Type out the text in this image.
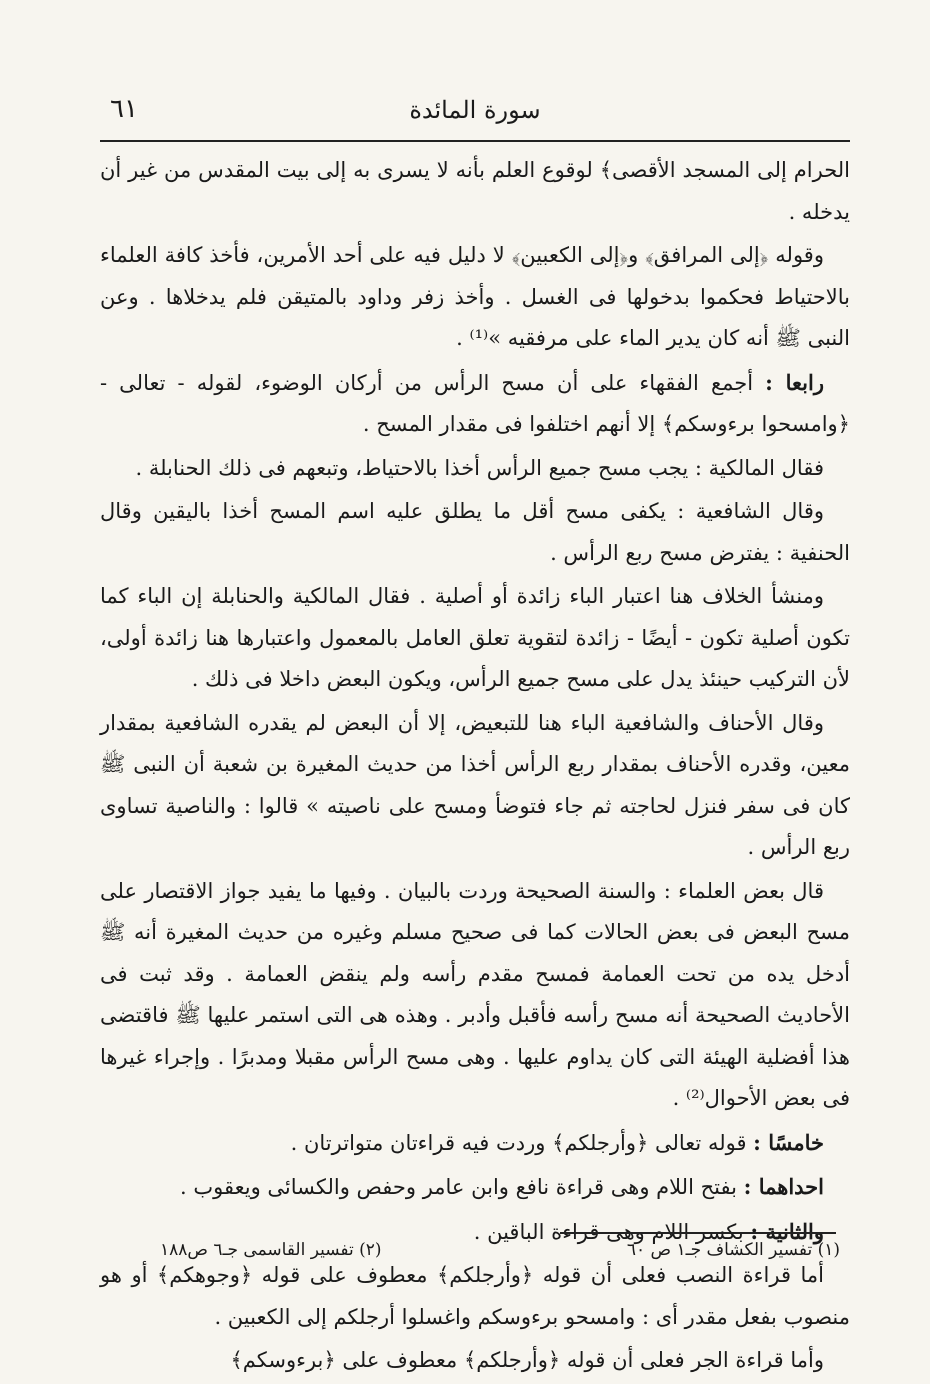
٦١	سورة المائدة

الحرام إلى المسجد الأقصى﴾ لوقوع العلم بأنه لا يسرى به إلى بيت المقدس من غير أن يدخله .

وقوله ﴿إلى المرافق﴾ و﴿إلى الكعبين﴾ لا دليل فيه على أحد الأمرين، فأخذ كافة العلماء بالاحتياط فحكموا بدخولها فى الغسل . وأخذ زفر وداود بالمتيقن فلم يدخلاها . وعن النبى ﷺ أنه كان يدير الماء على مرفقيه »⁽¹⁾ .

رابعا : أجمع الفقهاء على أن مسح الرأس من أركان الوضوء، لقوله - تعالى - ﴿وامسحوا برءوسكم﴾ إلا أنهم اختلفوا فى مقدار المسح .

فقال المالكية : يجب مسح جميع الرأس أخذا بالاحتياط، وتبعهم فى ذلك الحنابلة .

وقال الشافعية : يكفى مسح أقل ما يطلق عليه اسم المسح أخذا باليقين وقال الحنفية : يفترض مسح ربع الرأس .

ومنشأ الخلاف هنا اعتبار الباء زائدة أو أصلية . فقال المالكية والحنابلة إن الباء كما تكون أصلية تكون - أيضًا - زائدة لتقوية تعلق العامل بالمعمول واعتبارها هنا زائدة أولى، لأن التركيب حينئذ يدل على مسح جميع الرأس، ويكون البعض داخلا فى ذلك .

وقال الأحناف والشافعية الباء هنا للتبعيض، إلا أن البعض لم يقدره الشافعية بمقدار معين، وقدره الأحناف بمقدار ربع الرأس أخذا من حديث المغيرة بن شعبة أن النبى ﷺ كان فى سفر فنزل لحاجته ثم جاء فتوضأ ومسح على ناصيته » قالوا : والناصية تساوى ربع الرأس .

قال بعض العلماء : والسنة الصحيحة وردت بالبيان . وفيها ما يفيد جواز الاقتصار على مسح البعض فى بعض الحالات كما فى صحيح مسلم وغيره من حديث المغيرة أنه ﷺ أدخل يده من تحت العمامة فمسح مقدم رأسه ولم ينقض العمامة . وقد ثبت فى الأحاديث الصحيحة أنه مسح رأسه فأقبل وأدبر . وهذه هى التى استمر عليها ﷺ فاقتضى هذا أفضلية الهيئة التى كان يداوم عليها . وهى مسح الرأس مقبلا ومدبرًا . وإجراء غيرها فى بعض الأحوال⁽²⁾ .

خامسًا : قوله تعالى ﴿وأرجلكم﴾ وردت فيه قراءتان متواترتان .

احداهما : بفتح اللام وهى قراءة نافع وابن عامر وحفص والكسائى ويعقوب .

والثانية : بكسر اللام وهى قراءة الباقين .

أما قراءة النصب فعلى أن قوله ﴿وأرجلكم﴾ معطوف على قوله ﴿وجوهكم﴾ أو هو منصوب بفعل مقدر أى : وامسحو برءوسكم واغسلوا أرجلكم إلى الكعبين .

وأما قراءة الجر فعلى أن قوله ﴿وأرجلكم﴾ معطوف على ﴿برءوسكم﴾

(١) تفسير الكشاف جـ١ ص ٦٠
(٢) تفسير القاسمى جـ٦ ص١٨٨
